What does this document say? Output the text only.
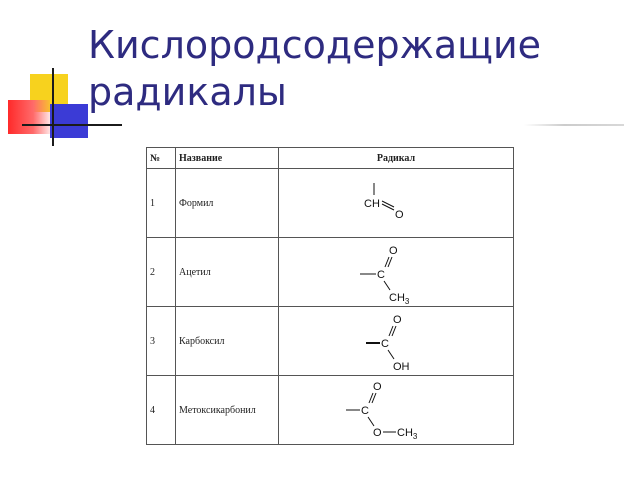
Кислородсодержащие
радикалы
№	Название	Радикал
1	Формил	CH
O

2	Ацетил	O
C
$CH_3$

3	Карбоксил	O
C
OH

4	Метоксикарбонил	O
C
O $CH_3$
